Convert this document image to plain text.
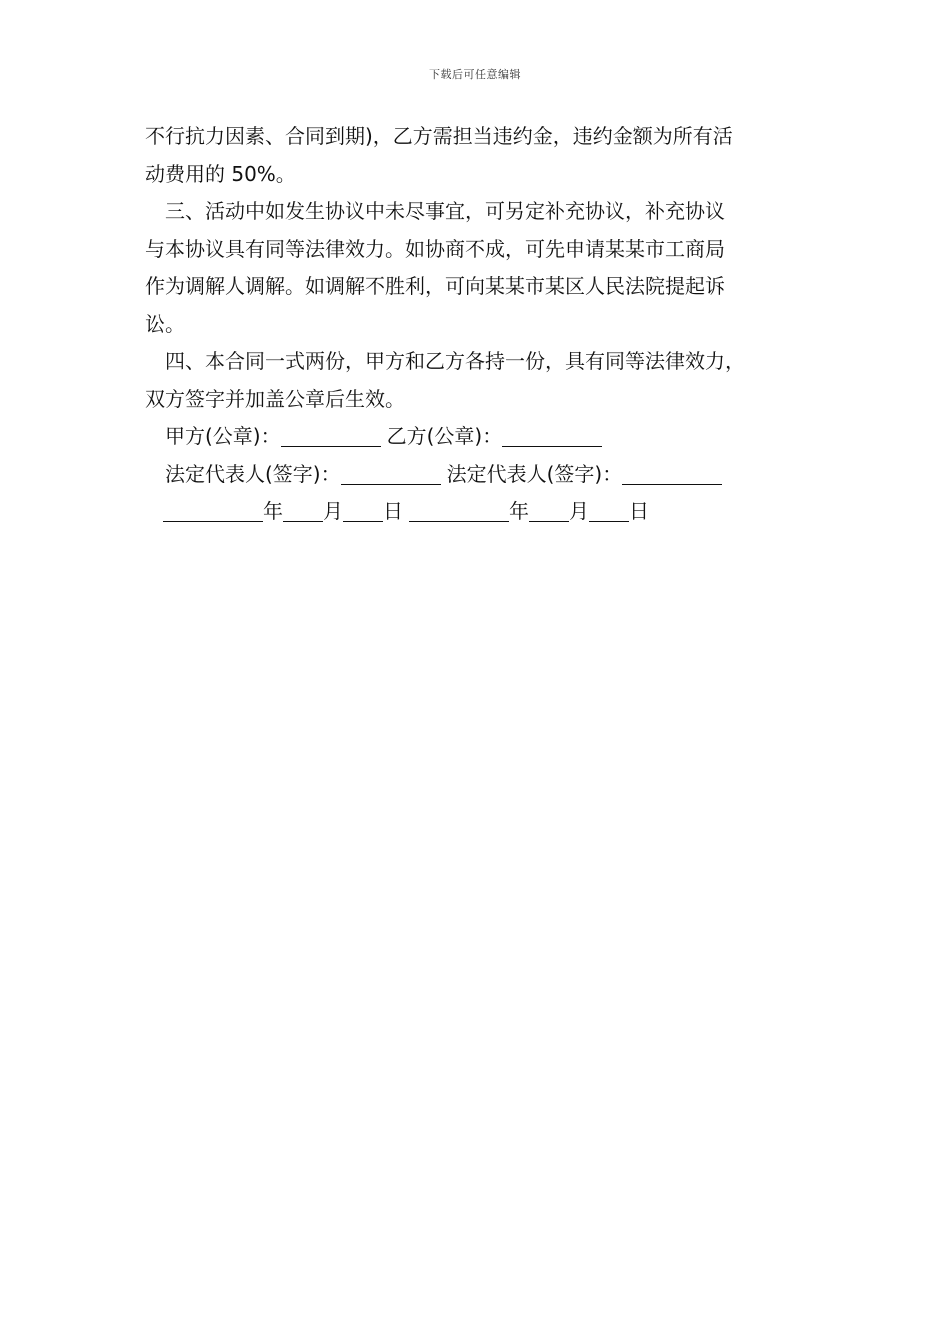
下载后可任意编辑
不行抗力因素、合同到期)，乙方需担当违约金，违约金额为所有活
动费用的 50%。
三、活动中如发生协议中未尽事宜，可另定补充协议，补充协议
与本协议具有同等法律效力。如协商不成，可先申请某某市工商局
作为调解人调解。如调解不胜利，可向某某市某区人民法院提起诉
讼。
四、本合同一式两份，甲方和乙方各持一份，具有同等法律效力，
双方签字并加盖公章后生效。
甲方(公章)：	乙方(公章)：
法定代表人(签字)：	法定代表人(签字)：
年 月 日	年 月 日
